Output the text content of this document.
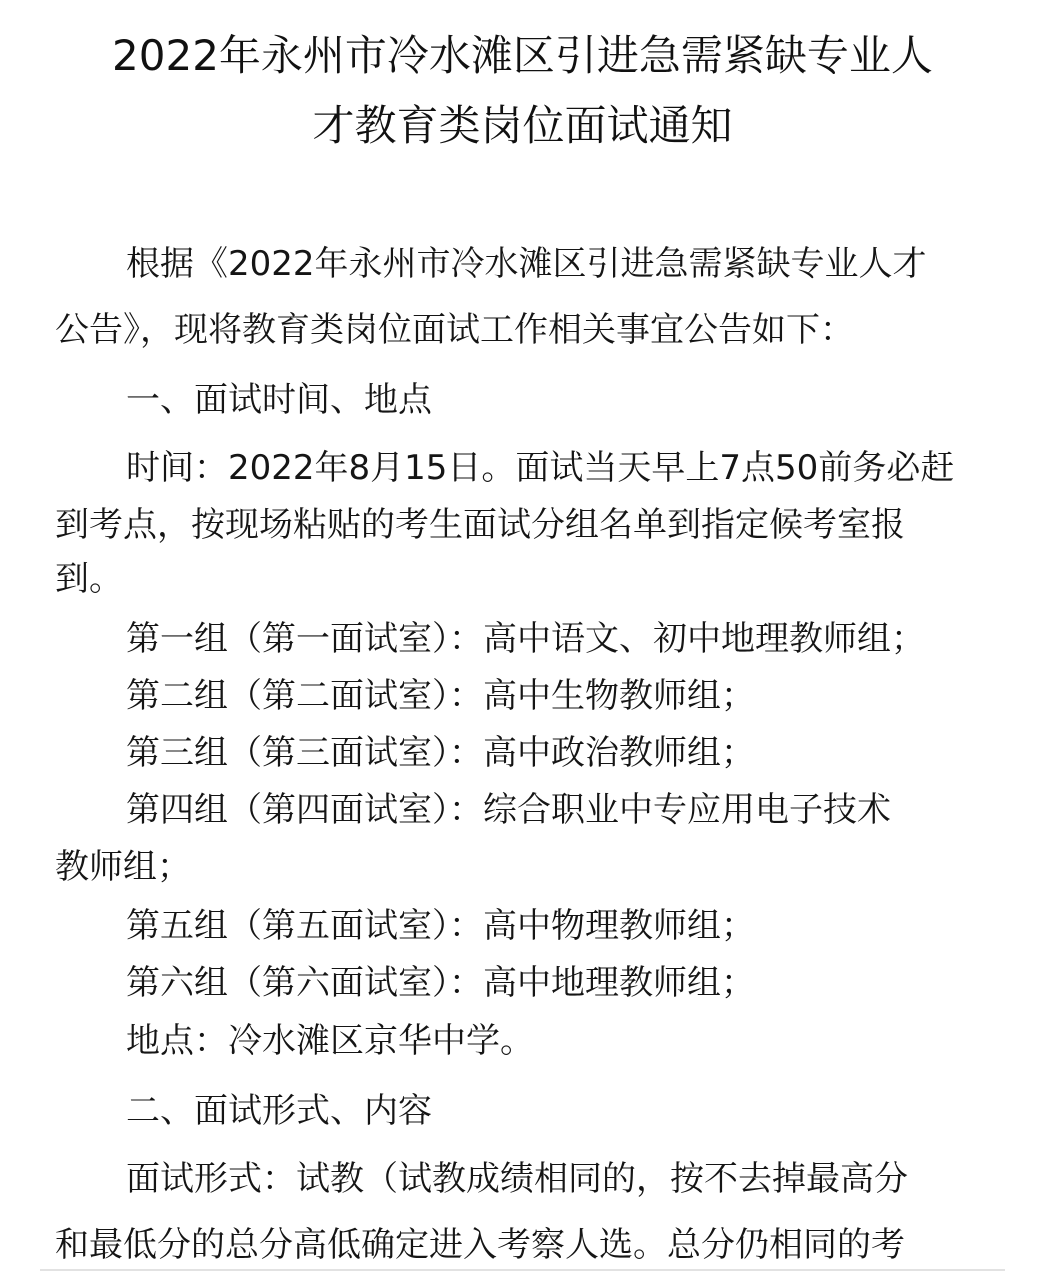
2022年永州市冷水滩区引进急需紧缺专业人
才教育类岗位面试通知

根据《2022年永州市冷水滩区引进急需紧缺专业人才

公告》，现将教育类岗位面试工作相关事宜公告如下：

一、面试时间、地点

时间：2022年8月15日。面试当天早上7点50前务必赶

到考点，按现场粘贴的考生面试分组名单到指定候考室报

到。

第一组（第一面试室）：高中语文、初中地理教师组；

第二组（第二面试室）：高中生物教师组；

第三组（第三面试室）：高中政治教师组；

第四组（第四面试室）：综合职业中专应用电子技术

教师组；

第五组（第五面试室）：高中物理教师组；

第六组（第六面试室）：高中地理教师组；

地点：冷水滩区京华中学。

二、面试形式、内容

面试形式：试教（试教成绩相同的，按不去掉最高分

和最低分的总分高低确定进入考察人选。总分仍相同的考
